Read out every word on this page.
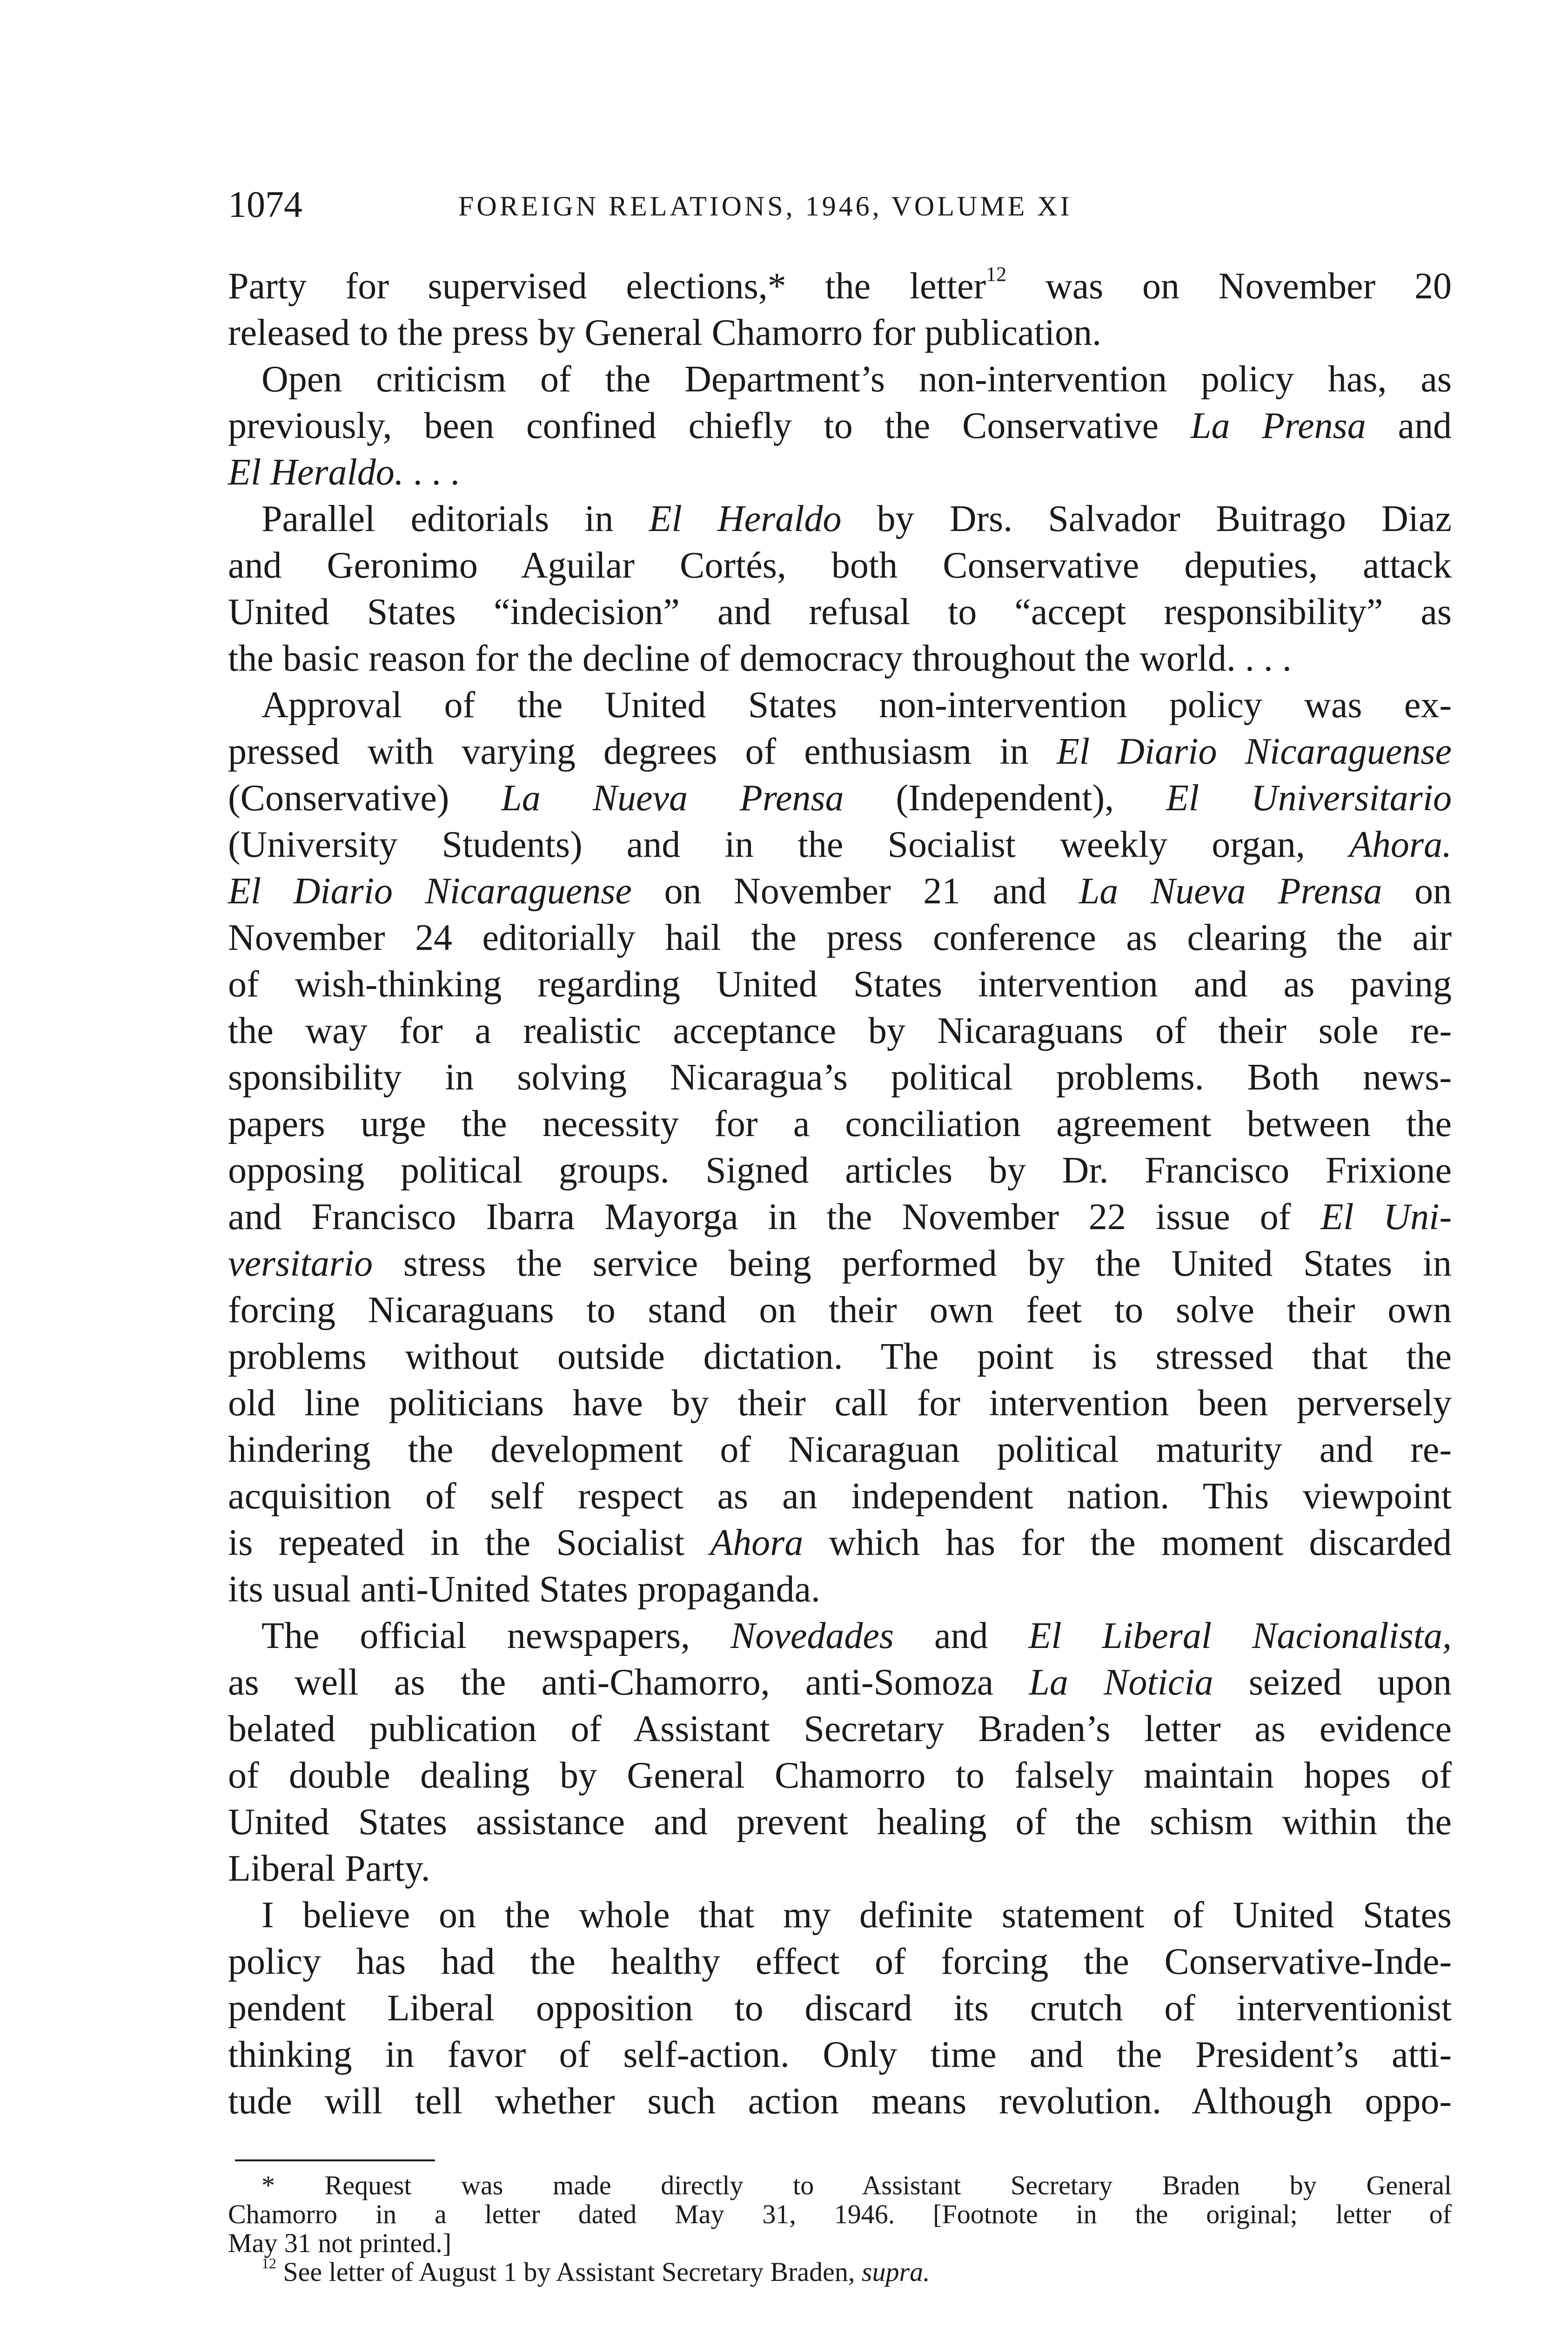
1074	FOREIGN RELATIONS, 1946, VOLUME XI
Party for supervised elections,* the letter$^{12}$ was on November 20
released to the press by General Chamorro for publication.
Open criticism of the Department’s non-intervention policy has, as
previously, been confined chiefly to the Conservative La Prensa and
El Heraldo. . . .
Parallel editorials in El Heraldo by Drs. Salvador Buitrago Diaz
and Geronimo Aguilar Cortés, both Conservative deputies, attack
United States “indecision” and refusal to “accept responsibility” as
the basic reason for the decline of democracy throughout the world. . . .
Approval of the United States non-intervention policy was ex-
pressed with varying degrees of enthusiasm in El Diario Nicaraguense
(Conservative) La Nueva Prensa (Independent), El Universitario
(University Students) and in the Socialist weekly organ, Ahora.
El Diario Nicaraguense on November 21 and La Nueva Prensa on
November 24 editorially hail the press conference as clearing the air
of wish-thinking regarding United States intervention and as paving
the way for a realistic acceptance by Nicaraguans of their sole re-
sponsibility in solving Nicaragua’s political problems. Both news-
papers urge the necessity for a conciliation agreement between the
opposing political groups. Signed articles by Dr. Francisco Frixione
and Francisco Ibarra Mayorga in the November 22 issue of El Uni-
versitario stress the service being performed by the United States in
forcing Nicaraguans to stand on their own feet to solve their own
problems without outside dictation. The point is stressed that the
old line politicians have by their call for intervention been perversely
hindering the development of Nicaraguan political maturity and re-
acquisition of self respect as an independent nation. This viewpoint
is repeated in the Socialist Ahora which has for the moment discarded
its usual anti-United States propaganda.
The official newspapers, Novedades and El Liberal Nacionalista,
as well as the anti-Chamorro, anti-Somoza La Noticia seized upon
belated publication of Assistant Secretary Braden’s letter as evidence
of double dealing by General Chamorro to falsely maintain hopes of
United States assistance and prevent healing of the schism within the
Liberal Party.
I believe on the whole that my definite statement of United States
policy has had the healthy effect of forcing the Conservative-Inde-
pendent Liberal opposition to discard its crutch of interventionist
thinking in favor of self-action. Only time and the President’s atti-
tude will tell whether such action means revolution. Although oppo-
* Request was made directly to Assistant Secretary Braden by General
Chamorro in a letter dated May 31, 1946. [Footnote in the original; letter of
May 31 not printed.]
$^{12}$ See letter of August 1 by Assistant Secretary Braden, supra.
